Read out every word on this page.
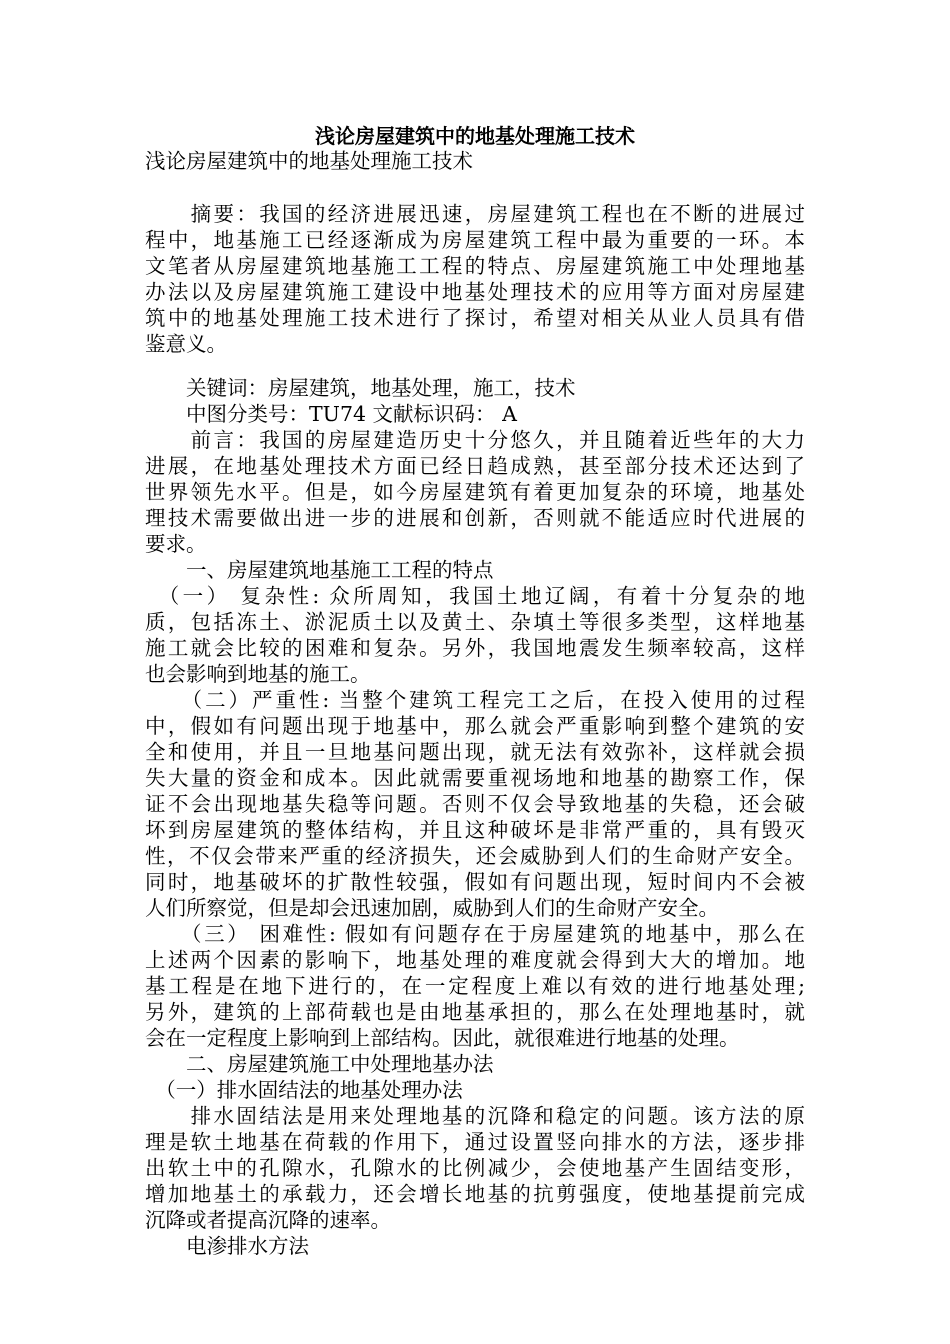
浅论房屋建筑中的地基处理施工技术
浅论房屋建筑中的地基处理施工技术
　　摘要：我国的经济进展迅速，房屋建筑工程也在不断的进展过
程中，地基施工已经逐渐成为房屋建筑工程中最为重要的一环。本
文笔者从房屋建筑地基施工工程的特点、房屋建筑施工中处理地基
办法以及房屋建筑施工建设中地基处理技术的应用等方面对房屋建
筑中的地基处理施工技术进行了探讨，希望对相关从业人员具有借
鉴意义。
　　关键词：房屋建筑，地基处理，施工，技术
　　中图分类号：TU74 文献标识码： A
　　前言：我国的房屋建造历史十分悠久，并且随着近些年的大力
进展，在地基处理技术方面已经日趋成熟，甚至部分技术还达到了
世界领先水平。但是，如今房屋建筑有着更加复杂的环境，地基处
理技术需要做出进一步的进展和创新，否则就不能适应时代进展的
要求。
　　一、房屋建筑地基施工工程的特点
　（一） 复杂性: 众所周知，我国土地辽阔，有着十分复杂的地
质，包括冻土、淤泥质土以及黄土、杂填土等很多类型，这样地基
施工就会比较的困难和复杂。另外，我国地震发生频率较高，这样
也会影响到地基的施工。
　　（二）严重性: 当整个建筑工程完工之后，在投入使用的过程
中，假如有问题出现于地基中，那么就会严重影响到整个建筑的安
全和使用，并且一旦地基问题出现，就无法有效弥补，这样就会损
失大量的资金和成本。因此就需要重视场地和地基的勘察工作，保
证不会出现地基失稳等问题。否则不仅会导致地基的失稳，还会破
坏到房屋建筑的整体结构，并且这种破坏是非常严重的，具有毁灭
性，不仅会带来严重的经济损失，还会威胁到人们的生命财产安全。
同时，地基破坏的扩散性较强，假如有问题出现，短时间内不会被
人们所察觉，但是却会迅速加剧，威胁到人们的生命财产安全。
　　（三） 困难性: 假如有问题存在于房屋建筑的地基中，那么在
上述两个因素的影响下，地基处理的难度就会得到大大的增加。地
基工程是在地下进行的，在一定程度上难以有效的进行地基处理;
另外，建筑的上部荷载也是由地基承担的，那么在处理地基时，就
会在一定程度上影响到上部结构。因此，就很难进行地基的处理。
　　二、房屋建筑施工中处理地基办法
　（一）排水固结法的地基处理办法
　　排水固结法是用来处理地基的沉降和稳定的问题。该方法的原
理是软土地基在荷载的作用下，通过设置竖向排水的方法，逐步排
出软土中的孔隙水，孔隙水的比例减少，会使地基产生固结变形，
增加地基土的承载力，还会增长地基的抗剪强度，使地基提前完成
沉降或者提高沉降的速率。
　　电渗排水方法
